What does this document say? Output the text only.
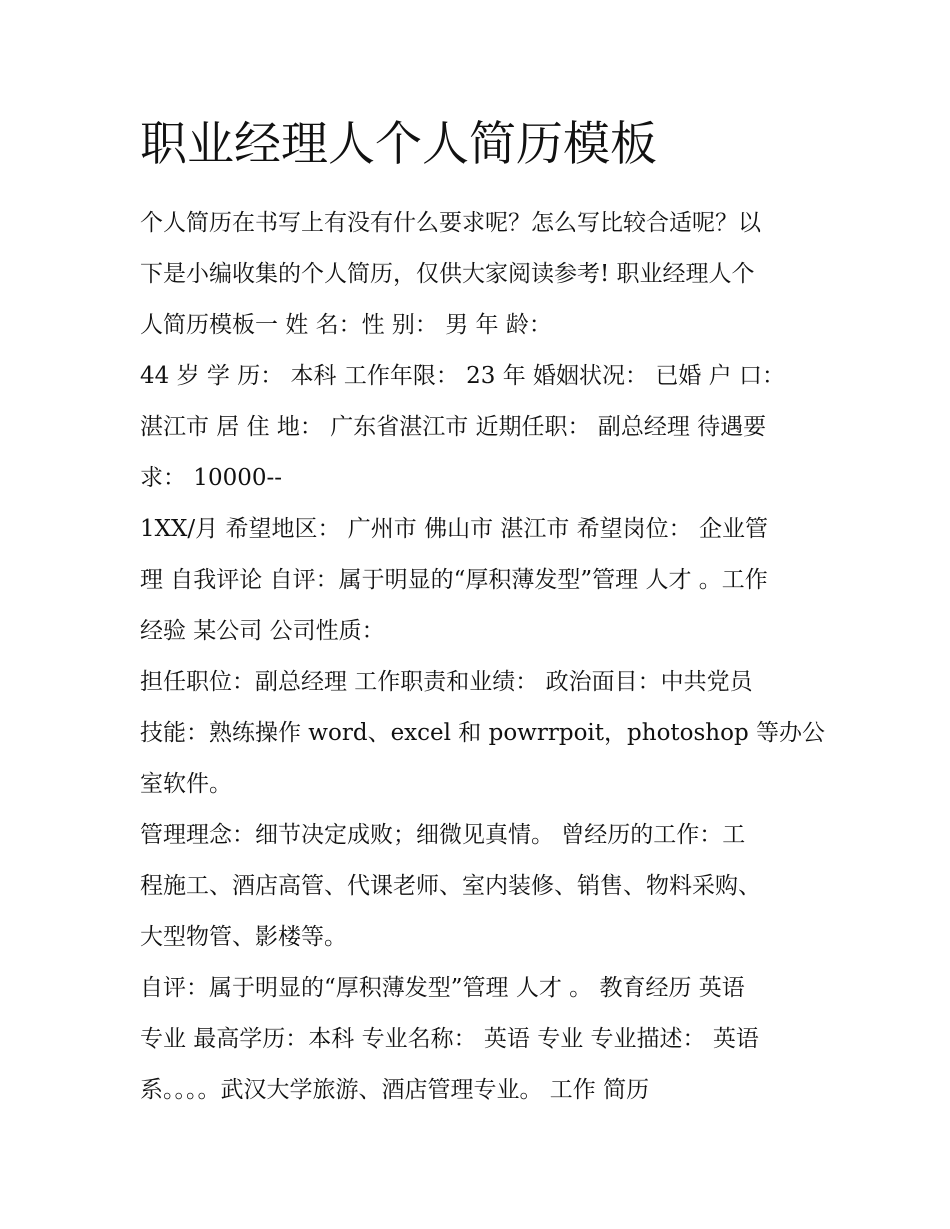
职业经理人个人简历模板

个人简历在书写上有没有什么要求呢？怎么写比较合适呢？以
下是小编收集的个人简历，仅供大家阅读参考! 职业经理人个
人简历模板一 姓 名：性 别： 男 年 龄：

44 岁 学 历： 本科 工作年限： 23 年 婚姻状况： 已婚 户 口：
湛江市 居 住 地： 广东省湛江市 近期任职： 副总经理 待遇要
求： 10000--

1XX/月 希望地区： 广州市 佛山市 湛江市 希望岗位： 企业管
理 自我评论 自评：属于明显的“厚积薄发型”管理 人才 。工作
经验 某公司 公司性质：

担任职位：副总经理 工作职责和业绩： 政治面目：中共党员
技能：熟练操作 word、excel 和 powrrpoit，photoshop 等办公
室软件。

管理理念：细节决定成败；细微见真情。 曾经历的工作：工
程施工、酒店高管、代课老师、室内装修、销售、物料采购、
大型物管、影楼等。

自评：属于明显的“厚积薄发型”管理 人才 。 教育经历 英语
专业 最高学历：本科 专业名称： 英语 专业 专业描述： 英语
系。。。。武汉大学旅游、酒店管理专业。 工作 简历
